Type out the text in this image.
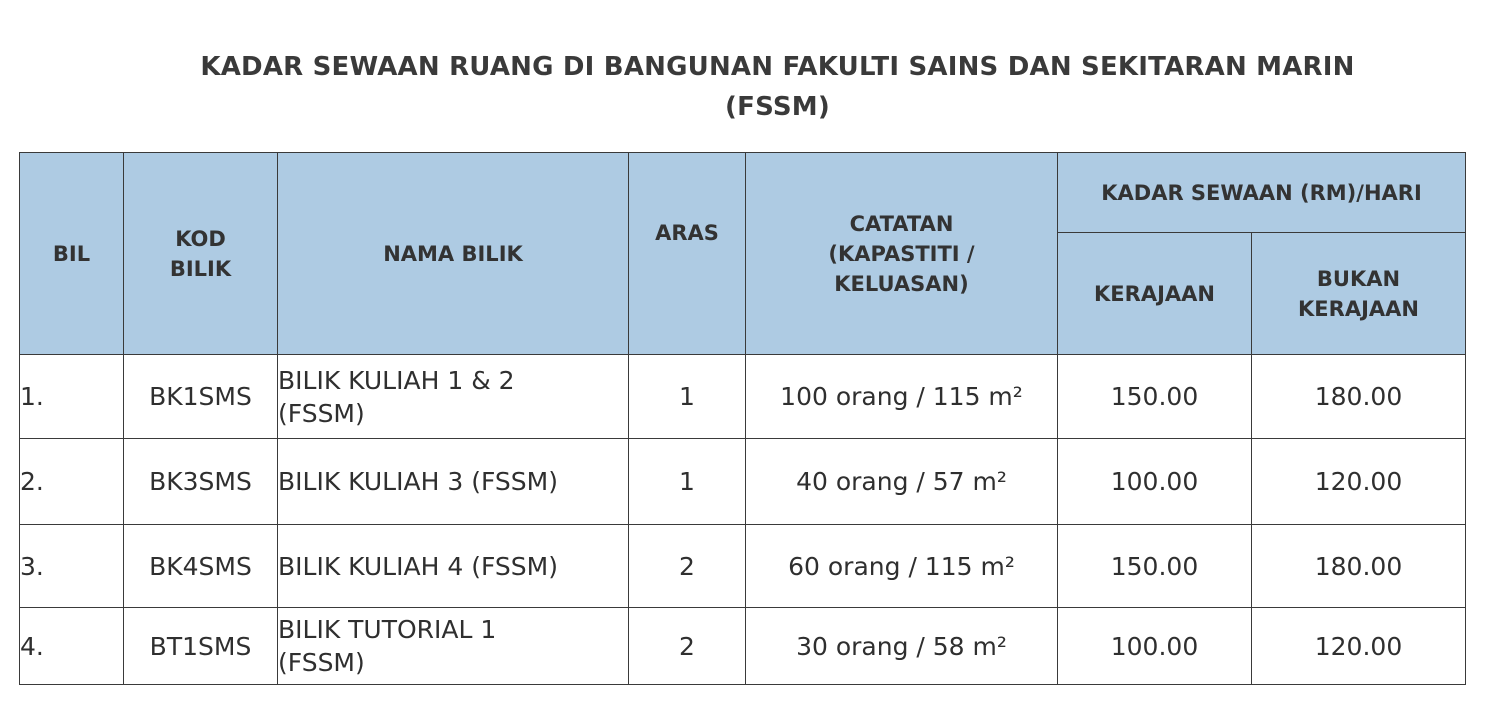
KADAR SEWAAN RUANG DI BANGUNAN FAKULTI SAINS DAN SEKITARAN MARIN
(FSSM)
BIL	KOD BILIK	NAMA BILIK	ARAS	CATATAN (KAPASTITI / KELUASAN)	KADAR SEWAAN (RM)/HARI	
					KERAJAAN	BUKAN KERAJAAN
1.	BK1SMS	BILIK KULIAH 1 & 2 (FSSM)	1	100 orang / 115 m²	150.00	180.00
2.	BK3SMS	BILIK KULIAH 3 (FSSM)	1	40 orang / 57 m²	100.00	120.00
3.	BK4SMS	BILIK KULIAH 4 (FSSM)	2	60 orang / 115 m²	150.00	180.00
4.	BT1SMS	BILIK TUTORIAL 1 (FSSM)	2	30 orang / 58 m²	100.00	120.00
